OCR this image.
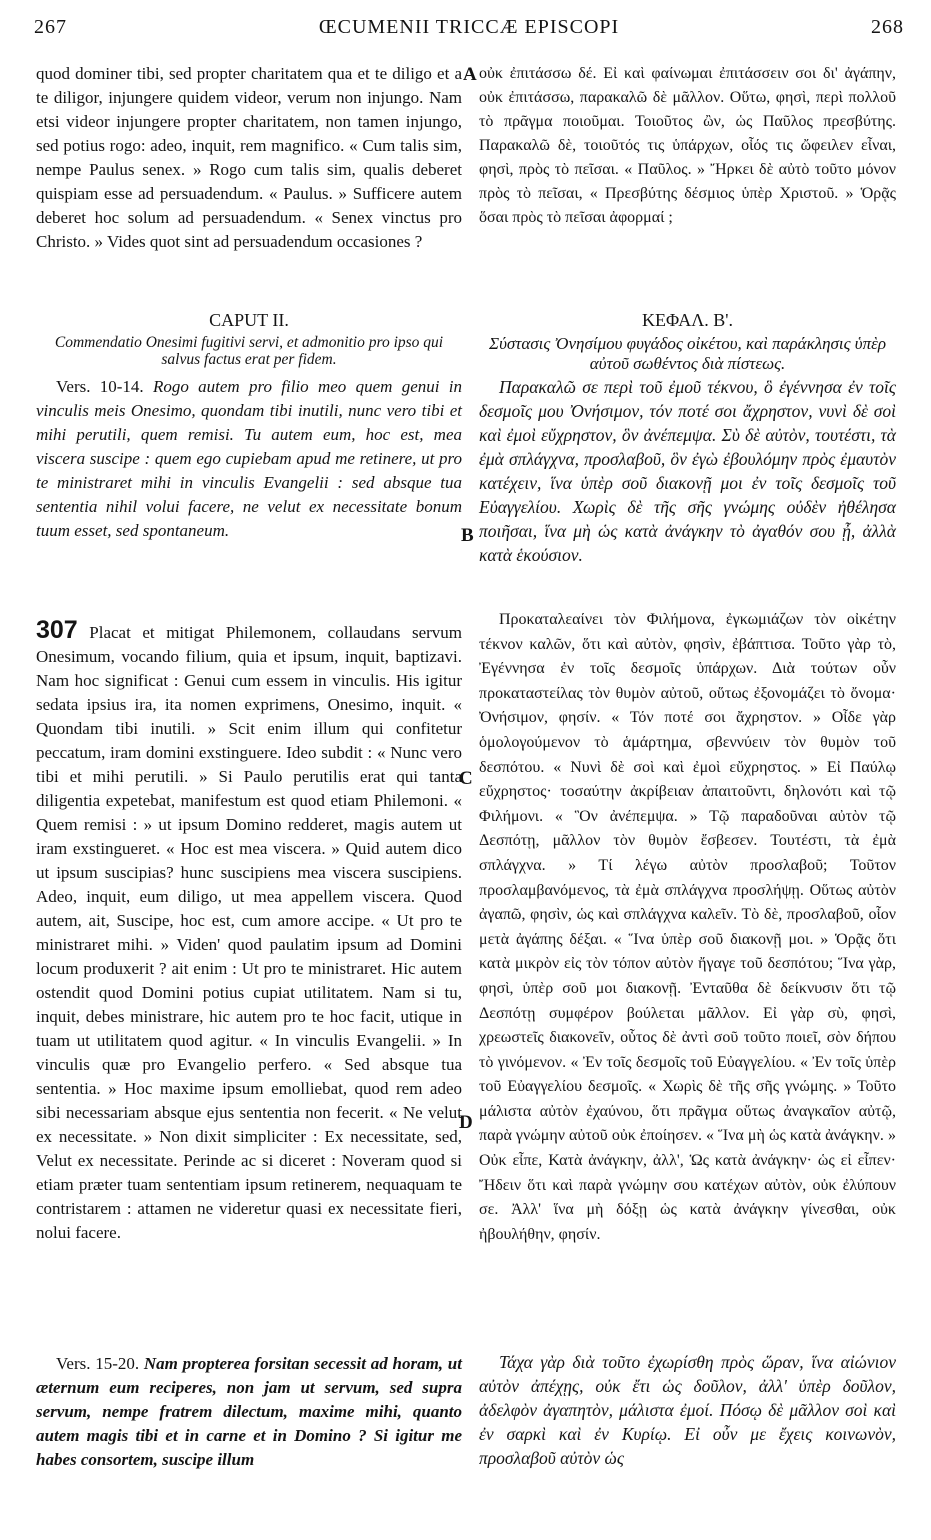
267	ŒCUMENII TRICCÆ EPISCOPI	268
A
B
C
D

quod dominer tibi, sed propter charitatem qua et te diligo et a te diligor, injungere quidem videor, verum non injungo. Nam etsi videor injungere propter charitatem, non tamen injungo, sed potius rogo: adeo, inquit, rem magnifico. « Cum talis sim, nempe Paulus senex. » Rogo cum talis sim, qualis deberet quispiam esse ad persuadendum. « Paulus. » Sufficere autem deberet hoc solum ad persuadendum. « Senex vinctus pro Christo. » Vides quot sint ad persuadendum occasiones ?

CAPUT II.

Commendatio Onesimi fugitivi servi, et admonitio pro ipso qui salvus factus erat per fidem.

Vers. 10-14. Rogo autem pro filio meo quem genui in vinculis meis Onesimo, quondam tibi inutili, nunc vero tibi et mihi perutili, quem remisi. Tu autem eum, hoc est, mea viscera suscipe : quem ego cupiebam apud me retinere, ut pro te ministraret mihi in vinculis Evangelii : sed absque tua sententia nihil volui facere, ne velut ex necessitate bonum tuum esset, sed spontaneum.

307 Placat et mitigat Philemonem, collaudans servum Onesimum, vocando filium, quia et ipsum, inquit, baptizavi. Nam hoc significat : Genui cum essem in vinculis. His igitur sedata ipsius ira, ita nomen exprimens, Onesimo, inquit. « Quondam tibi inutili. » Scit enim illum qui confitetur peccatum, iram domini exstinguere. Ideo subdit : « Nunc vero tibi et mihi perutili. » Si Paulo perutilis erat qui tanta diligentia expetebat, manifestum est quod etiam Philemoni. « Quem remisi : » ut ipsum Domino redderet, magis autem ut iram exstingueret. « Hoc est mea viscera. » Quid autem dico ut ipsum suscipias? hunc suscipiens mea viscera suscipiens. Adeo, inquit, eum diligo, ut mea appellem viscera. Quod autem, ait, Suscipe, hoc est, cum amore accipe. « Ut pro te ministraret mihi. » Viden' quod paulatim ipsum ad Domini locum produxerit ? ait enim : Ut pro te ministraret. Hic autem ostendit quod Domini potius cupiat utilitatem. Nam si tu, inquit, debes ministrare, hic autem pro te hoc facit, utique in tuam ut utilitatem quod agitur. « In vinculis Evangelii. » In vinculis quæ pro Evangelio perfero. « Sed absque tua sententia. » Hoc maxime ipsum emolliebat, quod rem adeo sibi necessariam absque ejus sententia non fecerit. « Ne velut ex necessitate. » Non dixit simpliciter : Ex necessitate, sed, Velut ex necessitate. Perinde ac si diceret : Noveram quod si etiam præter tuam sententiam ipsum retinerem, nequaquam te contristarem : attamen ne videretur quasi ex necessitate fieri, nolui facere.

Vers. 15-20. Nam propterea forsitan secessit ad horam, ut æternum eum reciperes, non jam ut servum, sed supra servum, nempe fratrem dilectum, maxime mihi, quanto autem magis tibi et in carne et in Domino ? Si igitur me habes consortem, suscipe illum

οὐκ ἐπιτάσσω δέ. Εἰ καὶ φαίνωμαι ἐπιτάσσειν σοι δι' ἀγάπην, οὐκ ἐπιτάσσω, παρακαλῶ δὲ μᾶλλον. Οὕτω, φησὶ, περὶ πολλοῦ τὸ πρᾶγμα ποιοῦμαι. Τοιοῦτος ὢν, ὡς Παῦλος πρεσβύτης. Παρακαλῶ δὲ, τοιοῦτός τις ὑπάρχων, οἷός τις ὤφειλεν εἶναι, φησὶ, πρὸς τὸ πεῖσαι. « Παῦλος. » Ἤρκει δὲ αὐτὸ τοῦτο μόνον πρὸς τὸ πεῖσαι, « Πρεσβύτης δέσμιος ὑπὲρ Χριστοῦ. » Ὁρᾷς ὅσαι πρὸς τὸ πεῖσαι ἀφορμαί ;

ΚΕΦΑΛ. Β'.

Σύστασις Ὀνησίμου φυγάδος οἰκέτου, καὶ παράκλησις ὑπὲρ αὐτοῦ σωθέντος διὰ πίστεως.

Παρακαλῶ σε περὶ τοῦ ἐμοῦ τέκνου, ὃ ἐγέννησα ἐν τοῖς δεσμοῖς μου Ὀνήσιμον, τόν ποτέ σοι ἄχρηστον, νυνὶ δὲ σοὶ καὶ ἐμοὶ εὔχρηστον, ὃν ἀνέπεμψα. Σὺ δὲ αὐτὸν, τουτέστι, τὰ ἐμὰ σπλάγχνα, προσλαβοῦ, ὃν ἐγὼ ἐβουλόμην πρὸς ἐμαυτὸν κατέχειν, ἵνα ὑπὲρ σοῦ διακονῇ μοι ἐν τοῖς δεσμοῖς τοῦ Εὐαγγελίου. Χωρὶς δὲ τῆς σῆς γνώμης οὐδὲν ἠθέλησα ποιῆσαι, ἵνα μὴ ὡς κατὰ ἀνάγκην τὸ ἀγαθόν σου ᾖ, ἀλλὰ κατὰ ἑκούσιον.

Προκαταλεαίνει τὸν Φιλήμονα, ἐγκωμιάζων τὸν οἰκέτην τέκνον καλῶν, ὅτι καὶ αὐτὸν, φησὶν, ἐβάπτισα. Τοῦτο γὰρ τὸ, Ἐγέννησα ἐν τοῖς δεσμοῖς ὑπάρχων. Διὰ τούτων οὖν προκαταστείλας τὸν θυμὸν αὐτοῦ, οὕτως ἐξονομάζει τὸ ὄνομα· Ὀνήσιμον, φησίν. « Τόν ποτέ σοι ἄχρηστον. » Οἶδε γὰρ ὁμολογούμενον τὸ ἁμάρτημα, σβεννύειν τὸν θυμὸν τοῦ δεσπότου. « Νυνὶ δὲ σοὶ καὶ ἐμοὶ εὔχρηστος. » Εἰ Παύλῳ εὔχρηστος· τοσαύτην ἀκρίβειαν ἀπαιτοῦντι, δηλονότι καὶ τῷ Φιλήμονι. « Ὃν ἀνέπεμψα. » Τῷ παραδοῦναι αὐτὸν τῷ Δεσπότῃ, μᾶλλον τὸν θυμὸν ἔσβεσεν. Τουτέστι, τὰ ἐμὰ σπλάγχνα. » Τί λέγω αὐτὸν προσλαβοῦ; Τοῦτον προσλαμβανόμενος, τὰ ἐμὰ σπλάγχνα προσλήψῃ. Οὕτως αὐτὸν ἀγαπῶ, φησὶν, ὡς καὶ σπλάγχνα καλεῖν. Τὸ δὲ, προσλαβοῦ, οἷον μετὰ ἀγάπης δέξαι. « Ἵνα ὑπὲρ σοῦ διακονῇ μοι. » Ὁρᾷς ὅτι κατὰ μικρὸν εἰς τὸν τόπον αὐτὸν ἤγαγε τοῦ δεσπότου; Ἵνα γὰρ, φησὶ, ὑπὲρ σοῦ μοι διακονῇ. Ἐνταῦθα δὲ δείκνυσιν ὅτι τῷ Δεσπότῃ συμφέρον βούλεται μᾶλλον. Εἰ γὰρ σὺ, φησὶ, χρεωστεῖς διακονεῖν, οὗτος δὲ ἀντὶ σοῦ τοῦτο ποιεῖ, σὸν δήπου τὸ γινόμενον. « Ἐν τοῖς δεσμοῖς τοῦ Εὐαγγελίου. « Ἐν τοῖς ὑπὲρ τοῦ Εὐαγγελίου δεσμοῖς. « Χωρὶς δὲ τῆς σῆς γνώμης. » Τοῦτο μάλιστα αὐτὸν ἐχαύνου, ὅτι πρᾶγμα οὕτως ἀναγκαῖον αὐτῷ, παρὰ γνώμην αὐτοῦ οὐκ ἐποίησεν. « Ἵνα μὴ ὡς κατὰ ἀνάγκην. » Οὐκ εἶπε, Κατὰ ἀνάγκην, ἀλλ', Ὡς κατὰ ἀνάγκην· ὡς εἰ εἶπεν· Ἤδειν ὅτι καὶ παρὰ γνώμην σου κατέχων αὐτὸν, οὐκ ἐλύπουν σε. Ἀλλ' ἵνα μὴ δόξῃ ὡς κατὰ ἀνάγκην γίνεσθαι, οὐκ ἠβουλήθην, φησίν.

Τάχα γὰρ διὰ τοῦτο ἐχωρίσθη πρὸς ὥραν, ἵνα αἰώνιον αὐτὸν ἀπέχῃς, οὐκ ἔτι ὡς δοῦλον, ἀλλ' ὑπὲρ δοῦλον, ἀδελφὸν ἀγαπητὸν, μάλιστα ἐμοί. Πόσῳ δὲ μᾶλλον σοὶ καὶ ἐν σαρκὶ καὶ ἐν Κυρίῳ. Εἰ οὖν με ἔχεις κοινωνὸν, προσλαβοῦ αὐτὸν ὡς
